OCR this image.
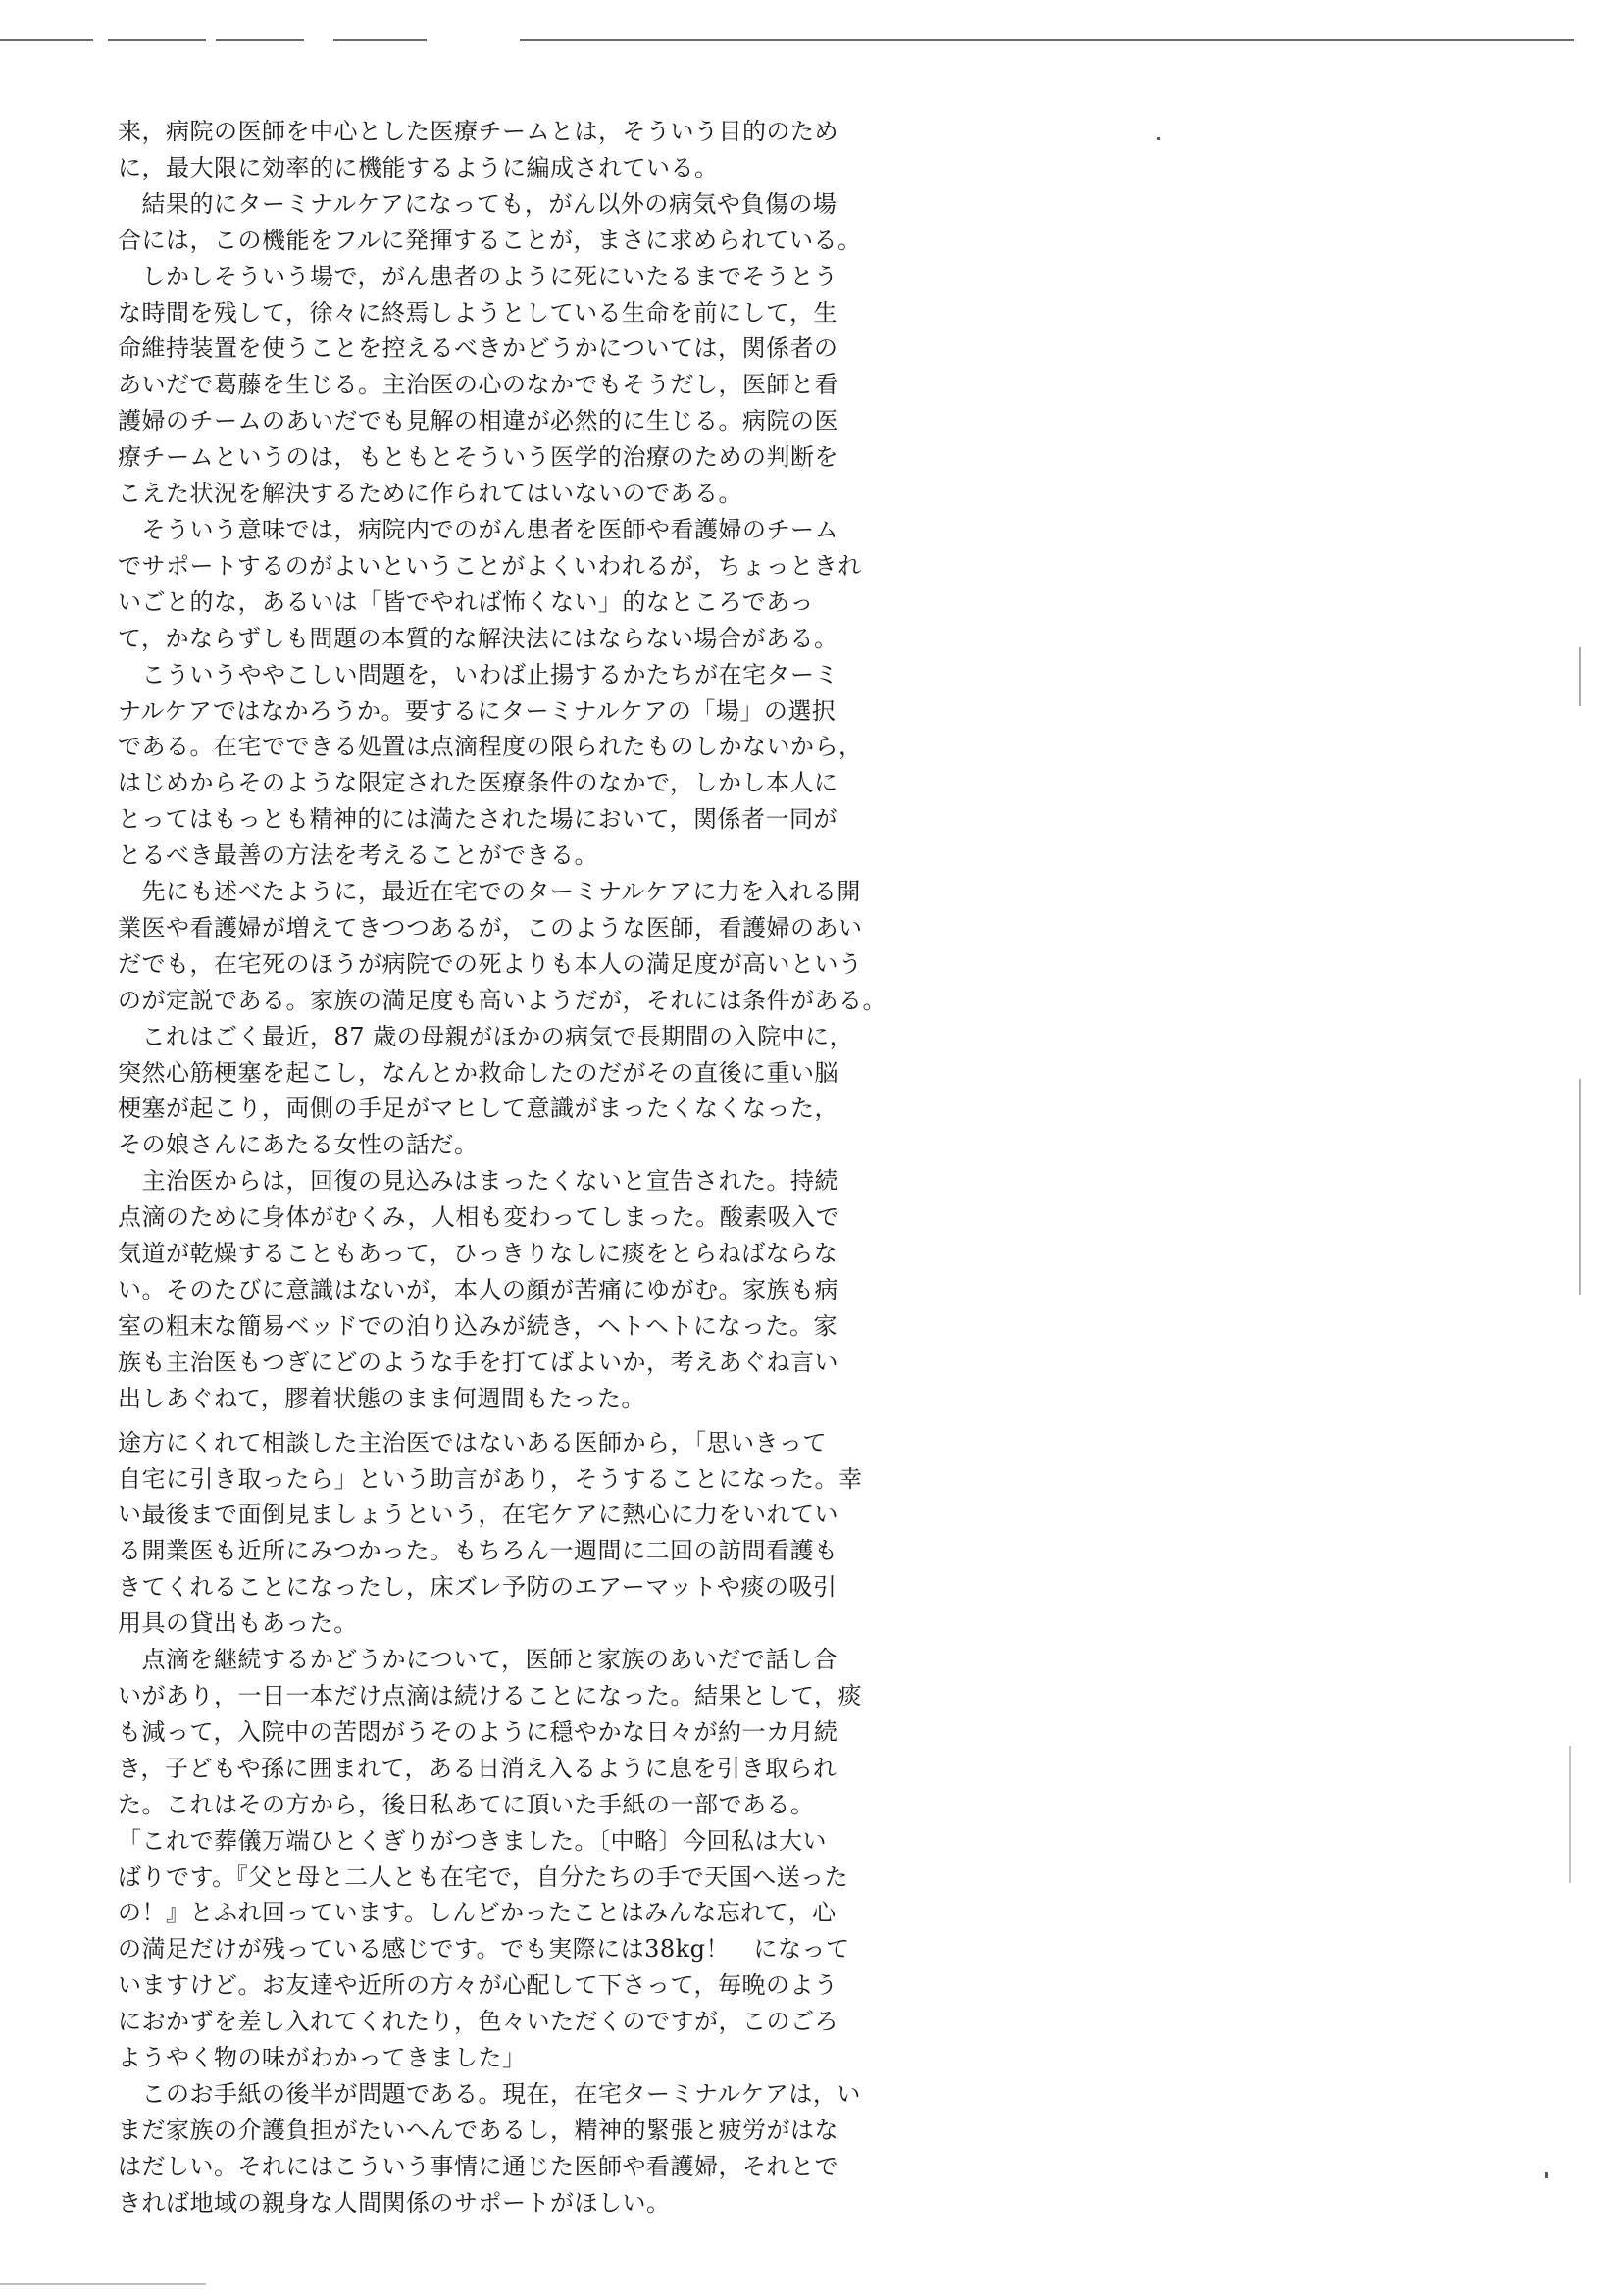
来，病院の医師を中心とした医療チームとは，そういう目的のため
に，最大限に効率的に機能するように編成されている。
　結果的にターミナルケアになっても，がん以外の病気や負傷の場
合には，この機能をフルに発揮することが，まさに求められている。
　しかしそういう場で，がん患者のように死にいたるまでそうとう
な時間を残して，徐々に終焉しようとしている生命を前にして，生
命維持装置を使うことを控えるべきかどうかについては，関係者の
あいだで葛藤を生じる。主治医の心のなかでもそうだし，医師と看
護婦のチームのあいだでも見解の相違が必然的に生じる。病院の医
療チームというのは，もともとそういう医学的治療のための判断を
こえた状況を解決するために作られてはいないのである。
　そういう意味では，病院内でのがん患者を医師や看護婦のチーム
でサポートするのがよいということがよくいわれるが，ちょっときれ
いごと的な，あるいは「皆でやれば怖くない」的なところであっ
て，かならずしも問題の本質的な解決法にはならない場合がある。
　こういうややこしい問題を，いわば止揚するかたちが在宅ターミ
ナルケアではなかろうか。要するにターミナルケアの「場」の選択
である。在宅でできる処置は点滴程度の限られたものしかないから，
はじめからそのような限定された医療条件のなかで，しかし本人に
とってはもっとも精神的には満たされた場において，関係者一同が
とるべき最善の方法を考えることができる。
　先にも述べたように，最近在宅でのターミナルケアに力を入れる開
業医や看護婦が増えてきつつあるが，このような医師，看護婦のあい
だでも，在宅死のほうが病院での死よりも本人の満足度が高いという
のが定説である。家族の満足度も高いようだが，それには条件がある。
　これはごく最近，87 歳の母親がほかの病気で長期間の入院中に，
突然心筋梗塞を起こし，なんとか救命したのだがその直後に重い脳
梗塞が起こり，両側の手足がマヒして意識がまったくなくなった，
その娘さんにあたる女性の話だ。
　主治医からは，回復の見込みはまったくないと宣告された。持続
点滴のために身体がむくみ，人相も変わってしまった。酸素吸入で
気道が乾燥することもあって，ひっきりなしに痰をとらねばならな
い。そのたびに意識はないが，本人の顔が苦痛にゆがむ。家族も病
室の粗末な簡易ベッドでの泊り込みが続き，ヘトヘトになった。家
族も主治医もつぎにどのような手を打てばよいか，考えあぐね言い
出しあぐねて，膠着状態のまま何週間もたった。
途方にくれて相談した主治医ではないある医師から，「思いきって
自宅に引き取ったら」という助言があり，そうすることになった。幸
い最後まで面倒見ましょうという，在宅ケアに熱心に力をいれてい
る開業医も近所にみつかった。もちろん一週間に二回の訪問看護も
きてくれることになったし，床ズレ予防のエアーマットや痰の吸引
用具の貸出もあった。
　点滴を継続するかどうかについて，医師と家族のあいだで話し合
いがあり，一日一本だけ点滴は続けることになった。結果として，痰
も減って，入院中の苦悶がうそのように穏やかな日々が約一カ月続
き，子どもや孫に囲まれて，ある日消え入るように息を引き取られ
た。これはその方から，後日私あてに頂いた手紙の一部である。
「これで葬儀万端ひとくぎりがつきました。〔中略〕今回私は大い
ばりです。『父と母と二人とも在宅で，自分たちの手で天国へ送った
の！』とふれ回っています。しんどかったことはみんな忘れて，心
の満足だけが残っている感じです。でも実際には38kg！　になって
いますけど。お友達や近所の方々が心配して下さって，毎晩のよう
におかずを差し入れてくれたり，色々いただくのですが，このごろ
ようやく物の味がわかってきました」
　このお手紙の後半が問題である。現在，在宅ターミナルケアは，い
まだ家族の介護負担がたいへんであるし，精神的緊張と疲労がはな
はだしい。それにはこういう事情に通じた医師や看護婦，それとで
きれば地域の親身な人間関係のサポートがほしい。
